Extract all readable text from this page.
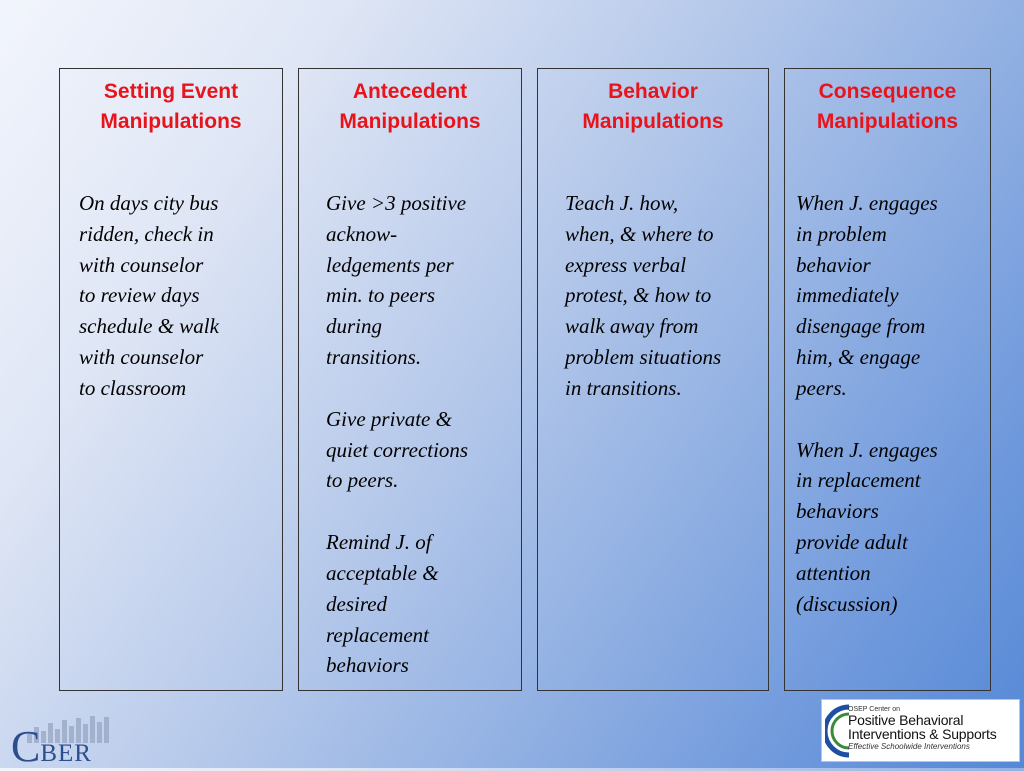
Setting Event
Manipulations
On days city bus
ridden, check in
with counselor
to review days
schedule & walk
with counselor
to classroom
Antecedent
Manipulations
Give >3 positive
acknow-
ledgements per
min. to peers
during
transitions.
Give private &
quiet corrections
to peers.
Remind J. of
acceptable &
desired
replacement
behaviors
Behavior
Manipulations
Teach J. how,
when, & where to
express verbal
protest, & how to
walk away from
problem situations
in transitions.
Consequence
Manipulations
When J. engages
in problem
behavior
immediately
disengage from
him, & engage
peers.
When J. engages
in replacement
behaviors
provide adult
attention
(discussion)
CBER
OSEP Center on
Positive Behavioral
Interventions & Supports
Effective Schoolwide Interventions
